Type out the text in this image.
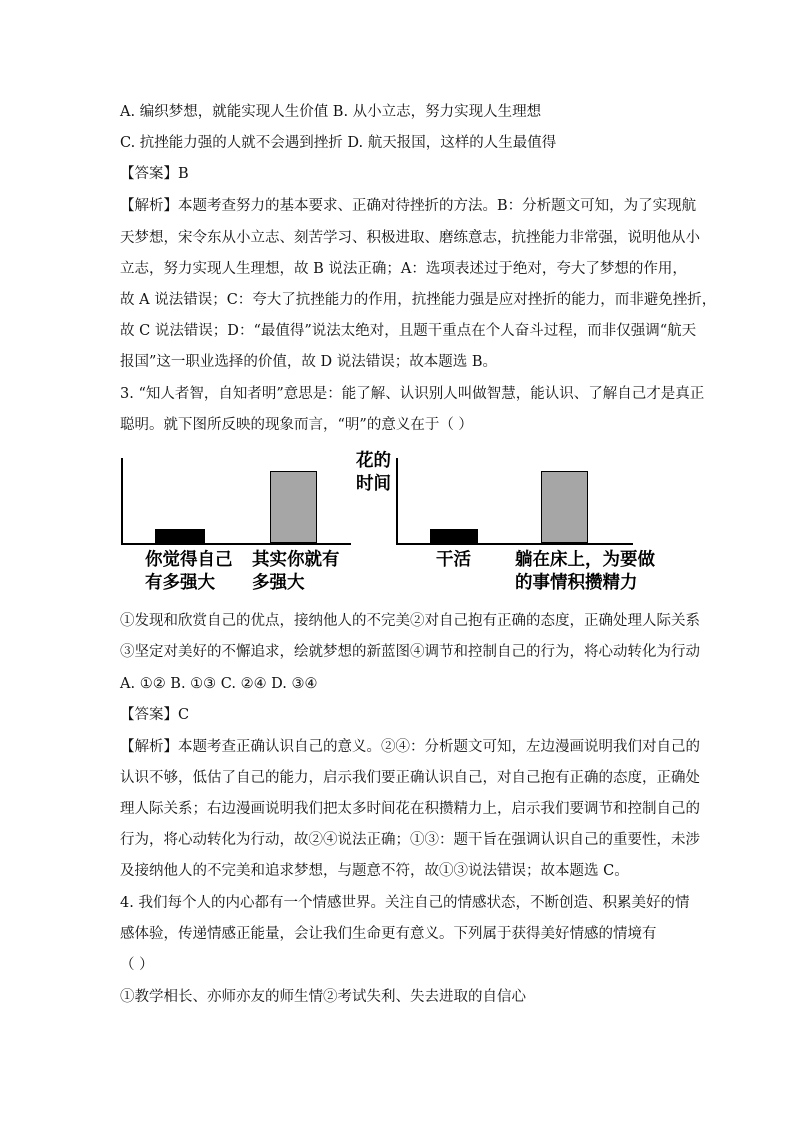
A. 编织梦想，就能实现人生价值 B. 从小立志，努力实现人生理想
C. 抗挫能力强的人就不会遇到挫折 D. 航天报国，这样的人生最值得
【答案】B
【解析】本题考查努力的基本要求、正确对待挫折的方法。B：分析题文可知，为了实现航
天梦想，宋令东从小立志、刻苦学习、积极进取、磨练意志，抗挫能力非常强，说明他从小
立志，努力实现人生理想，故 B 说法正确；A：选项表述过于绝对，夸大了梦想的作用，
故 A 说法错误；C：夸大了抗挫能力的作用，抗挫能力强是应对挫折的能力，而非避免挫折，
故 C 说法错误；D：“最值得”说法太绝对，且题干重点在个人奋斗过程，而非仅强调“航天
报国”这一职业选择的价值，故 D 说法错误；故本题选 B。
3. “知人者智，自知者明”意思是：能了解、认识别人叫做智慧，能认识、了解自己才是真正
聪明。就下图所反映的现象而言，“明”的意义在于（ ）
你觉得自己
有多强大
其实你就有
多强大
花的
时间
干活	躺在床上，为要做
的事情积攒精力
①发现和欣赏自己的优点，接纳他人的不完美②对自己抱有正确的态度，正确处理人际关系
③坚定对美好的不懈追求，绘就梦想的新蓝图④调节和控制自己的行为，将心动转化为行动
A. ①② B. ①③ C. ②④ D. ③④
【答案】C
【解析】本题考查正确认识自己的意义。②④：分析题文可知，左边漫画说明我们对自己的
认识不够，低估了自己的能力，启示我们要正确认识自己，对自己抱有正确的态度，正确处
理人际关系；右边漫画说明我们把太多时间花在积攒精力上，启示我们要调节和控制自己的
行为，将心动转化为行动，故②④说法正确；①③：题干旨在强调认识自己的重要性，未涉
及接纳他人的不完美和追求梦想，与题意不符，故①③说法错误；故本题选 C。
4. 我们每个人的内心都有一个情感世界。关注自己的情感状态，不断创造、积累美好的情
感体验，传递情感正能量，会让我们生命更有意义。下列属于获得美好情感的情境有
（ ）
①教学相长、亦师亦友的师生情②考试失利、失去进取的自信心
